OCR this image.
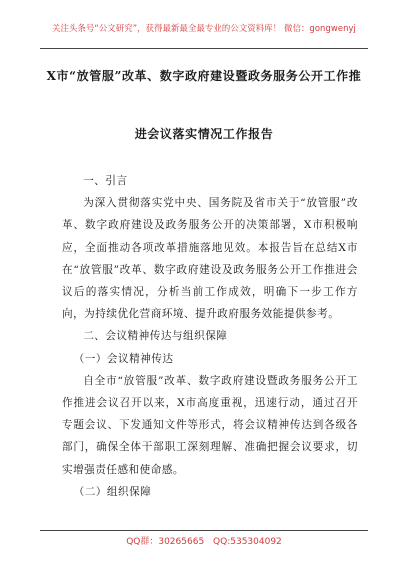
关注头条号“公文研究”，获得最新最全最专业的公文资料库！ 微信：gongwenyj
X市“放管服”改革、数字政府建设暨政务服务公开工作推
进会议落实情况工作报告

一、引言

为深入贯彻落实党中央、国务院及省市关于“放管服”改革、数字政府建设及政务服务公开的决策部署，X市积极响应，全面推动各项改革措施落地见效。本报告旨在总结X市在“放管服”改革、数字政府建设及政务服务公开工作推进会议后的落实情况，分析当前工作成效，明确下一步工作方向，为持续优化营商环境、提升政府服务效能提供参考。

二、会议精神传达与组织保障

（一）会议精神传达

自全市“放管服”改革、数字政府建设暨政务服务公开工作推进会议召开以来，X市高度重视，迅速行动，通过召开专题会议、下发通知文件等形式，将会议精神传达到各级各部门，确保全体干部职工深刻理解、准确把握会议要求，切实增强责任感和使命感。

（二）组织保障

QQ群：30265665 QQ:535304092
